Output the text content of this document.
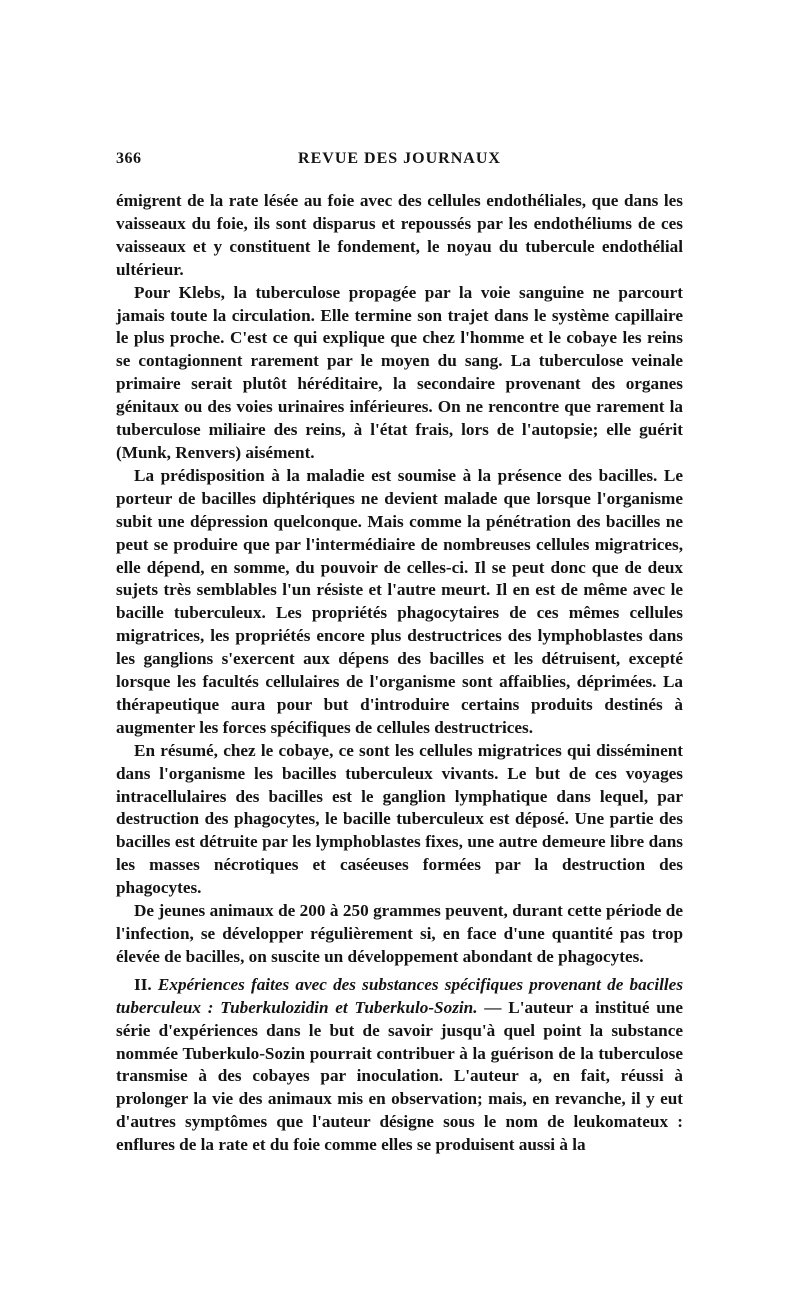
366	REVUE DES JOURNAUX

émigrent de la rate lésée au foie avec des cellules endothéliales, que dans les vaisseaux du foie, ils sont disparus et repoussés par les endothéliums de ces vaisseaux et y constituent le fondement, le noyau du tubercule endothélial ultérieur.

Pour Klebs, la tuberculose propagée par la voie sanguine ne parcourt jamais toute la circulation. Elle termine son trajet dans le système capillaire le plus proche. C'est ce qui explique que chez l'homme et le cobaye les reins se contagionnent rarement par le moyen du sang. La tuberculose veinale primaire serait plutôt héréditaire, la secondaire provenant des organes génitaux ou des voies urinaires inférieures. On ne rencontre que rarement la tuberculose miliaire des reins, à l'état frais, lors de l'autopsie; elle guérit (Munk, Renvers) aisément.

La prédisposition à la maladie est soumise à la présence des bacilles. Le porteur de bacilles diphtériques ne devient malade que lorsque l'organisme subit une dépression quelconque. Mais comme la pénétration des bacilles ne peut se produire que par l'intermédiaire de nombreuses cellules migratrices, elle dépend, en somme, du pouvoir de celles-ci. Il se peut donc que de deux sujets très semblables l'un résiste et l'autre meurt. Il en est de même avec le bacille tuberculeux. Les propriétés phagocytaires de ces mêmes cellules migratrices, les propriétés encore plus destructrices des lymphoblastes dans les ganglions s'exercent aux dépens des bacilles et les détruisent, excepté lorsque les facultés cellulaires de l'organisme sont affaiblies, déprimées. La thérapeutique aura pour but d'introduire certains produits destinés à augmenter les forces spécifiques de cellules destructrices.

En résumé, chez le cobaye, ce sont les cellules migratrices qui disséminent dans l'organisme les bacilles tuberculeux vivants. Le but de ces voyages intracellulaires des bacilles est le ganglion lymphatique dans lequel, par destruction des phagocytes, le bacille tuberculeux est déposé. Une partie des bacilles est détruite par les lymphoblastes fixes, une autre demeure libre dans les masses nécrotiques et caséeuses formées par la destruction des phagocytes.

De jeunes animaux de 200 à 250 grammes peuvent, durant cette période de l'infection, se développer régulièrement si, en face d'une quantité pas trop élevée de bacilles, on suscite un développement abondant de phagocytes.

II. Expériences faites avec des substances spécifiques provenant de bacilles tuberculeux : Tuberkulozidin et Tuberkulo-Sozin. — L'auteur a institué une série d'expériences dans le but de savoir jusqu'à quel point la substance nommée Tuberkulo-Sozin pourrait contribuer à la guérison de la tuberculose transmise à des cobayes par inoculation. L'auteur a, en fait, réussi à prolonger la vie des animaux mis en observation; mais, en revanche, il y eut d'autres symptômes que l'auteur désigne sous le nom de leukomateux : enflures de la rate et du foie comme elles se produisent aussi à la
